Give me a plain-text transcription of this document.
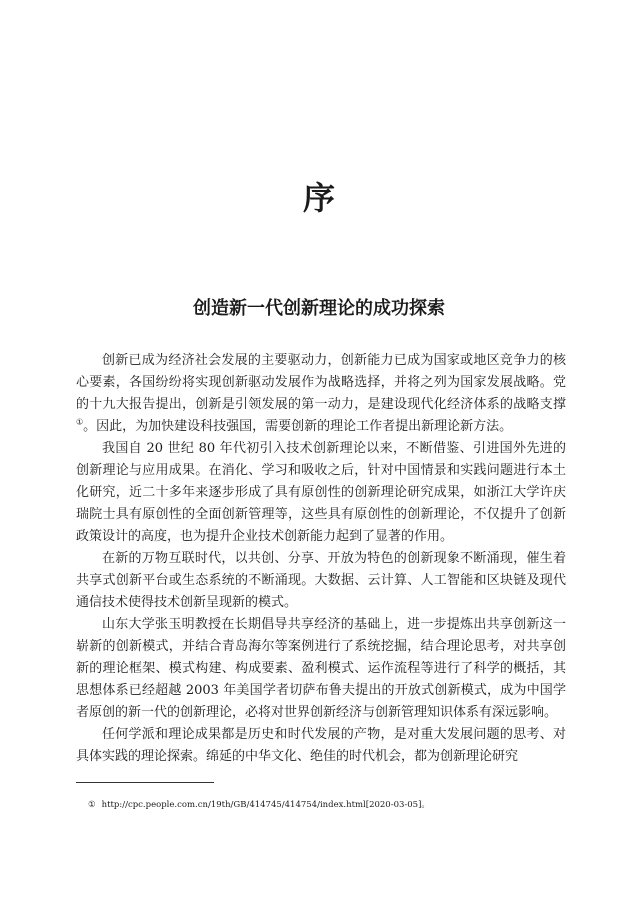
序
创造新一代创新理论的成功探索

创新已成为经济社会发展的主要驱动力，创新能力已成为国家或地区竞争力的核心要素，各国纷纷将实现创新驱动发展作为战略选择，并将之列为国家发展战略。党的十九大报告提出，创新是引领发展的第一动力，是建设现代化经济体系的战略支撑①。因此，为加快建设科技强国，需要创新的理论工作者提出新理论新方法。

我国自 20 世纪 80 年代初引入技术创新理论以来，不断借鉴、引进国外先进的创新理论与应用成果。在消化、学习和吸收之后，针对中国情景和实践问题进行本土化研究，近二十多年来逐步形成了具有原创性的创新理论研究成果，如浙江大学许庆瑞院士具有原创性的全面创新管理等，这些具有原创性的创新理论，不仅提升了创新政策设计的高度，也为提升企业技术创新能力起到了显著的作用。

在新的万物互联时代，以共创、分享、开放为特色的创新现象不断涌现，催生着共享式创新平台或生态系统的不断涌现。大数据、云计算、人工智能和区块链及现代通信技术使得技术创新呈现新的模式。

山东大学张玉明教授在长期倡导共享经济的基础上，进一步提炼出共享创新这一崭新的创新模式，并结合青岛海尔等案例进行了系统挖掘，结合理论思考，对共享创新的理论框架、模式构建、构成要素、盈利模式、运作流程等进行了科学的概括，其思想体系已经超越 2003 年美国学者切萨布鲁夫提出的开放式创新模式，成为中国学者原创的新一代的创新理论，必将对世界创新经济与创新管理知识体系有深远影响。

任何学派和理论成果都是历史和时代发展的产物，是对重大发展问题的思考、对具体实践的理论探索。绵延的中华文化、绝佳的时代机会，都为创新理论研究

① http://cpc.people.com.cn/19th/GB/414745/414754/index.html[2020-03-05]。
